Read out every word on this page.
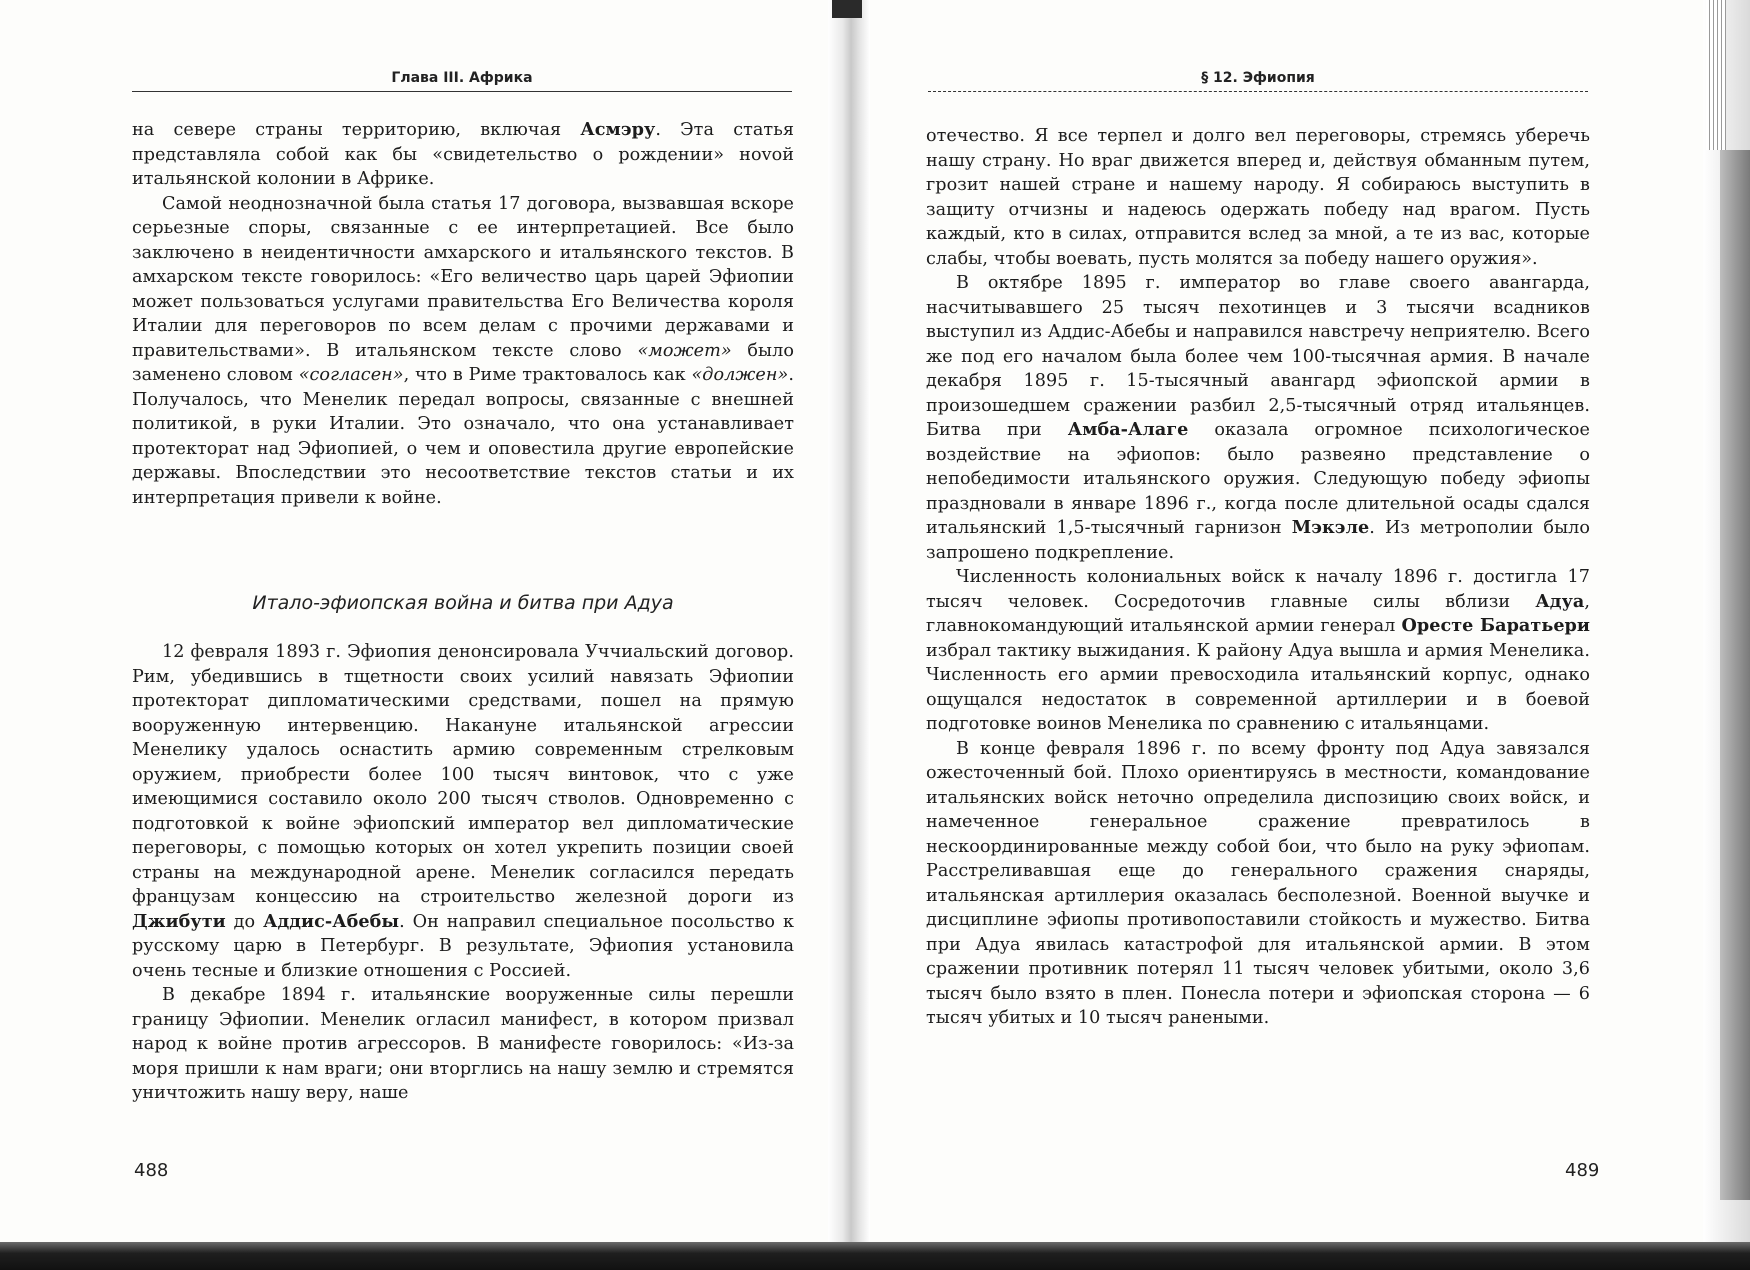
Глава III. Африка

на севере страны территорию, включая Асмэру. Эта статья представляла собой как бы «свидетельство о рождении» ноvой итальянской колонии в Африке.

Самой неоднозначной была статья 17 договора, вызвавшая вскоре серьезные споры, связанные с ее интерпретацией. Все было заключено в неидентичности амхарского и итальянского текстов. В амхарском тексте говорилось: «Его величество царь царей Эфиопии может пользоваться услугами правительства Его Величества короля Италии для переговоров по всем делам с прочими державами и правительствами». В итальянском тексте слово «может» было заменено словом «согласен», что в Риме трактовалось как «должен». Получалось, что Менелик передал вопросы, связанные с внешней политикой, в руки Италии. Это означало, что она устанавливает протекторат над Эфиопией, о чем и оповестила другие европейские державы. Впоследствии это несоответствие текстов статьи и их интерпретация привели к войне.

Итало-эфиопская война и битва при Адуа

12 февраля 1893 г. Эфиопия денонсировала Уччиальский договор. Рим, убедившись в тщетности своих усилий навязать Эфиопии протекторат дипломатическими средствами, пошел на прямую вооруженную интервенцию. Накануне итальянской агрессии Менелику удалось оснастить армию современным стрелковым оружием, приобрести более 100 тысяч винтовок, что с уже имеющимися составило около 200 тысяч стволов. Одновременно с подготовкой к войне эфиопский император вел дипломатические переговоры, с помощью которых он хотел укрепить позиции своей страны на международной арене. Менелик согласился передать французам концессию на строительство железной дороги из Джибути до Аддис-Абебы. Он направил специальное посольство к русскому царю в Петербург. В результате, Эфиопия установила очень тесные и близкие отношения с Россией.

В декабре 1894 г. итальянские вооруженные силы перешли границу Эфиопии. Менелик огласил манифест, в котором призвал народ к войне против агрессоров. В манифесте говорилось: «Из-за моря пришли к нам враги; они вторглись на нашу землю и стремятся уничтожить нашу веру, наше

488

§ 12. Эфиопия

отечество. Я все терпел и долго вел переговоры, стремясь уберечь нашу страну. Но враг движется вперед и, действуя обманным путем, грозит нашей стране и нашему народу. Я собираюсь выступить в защиту отчизны и надеюсь одержать победу над врагом. Пусть каждый, кто в силах, отправится вслед за мной, а те из вас, которые слабы, чтобы воевать, пусть молятся за победу нашего оружия».

В октябре 1895 г. император во главе своего авангарда, насчитывавшего 25 тысяч пехотинцев и 3 тысячи всадников выступил из Аддис-Абебы и направился навстречу неприятелю. Всего же под его началом была более чем 100-тысячная армия. В начале декабря 1895 г. 15-тысячный авангард эфиопской армии в произошедшем сражении разбил 2,5-тысячный отряд итальянцев. Битва при Амба-Алаге оказала огромное психологическое воздействие на эфиопов: было развеяно представление о непобедимости итальянского оружия. Следующую победу эфиопы праздновали в январе 1896 г., когда после длительной осады сдался итальянский 1,5-тысячный гарнизон Мэкэле. Из метрополии было запрошено подкрепление.

Численность колониальных войск к началу 1896 г. достигла 17 тысяч человек. Сосредоточив главные силы вблизи Адуа, главнокомандующий итальянской армии генерал Оресте Баратьери избрал тактику выжидания. К району Адуа вышла и армия Менелика. Численность его армии превосходила итальянский корпус, однако ощущался недостаток в современной артиллерии и в боевой подготовке воинов Менелика по сравнению с итальянцами.

В конце февраля 1896 г. по всему фронту под Адуа завязался ожесточенный бой. Плохо ориентируясь в местности, командование итальянских войск неточно определила диспозицию своих войск, и намеченное генеральное сражение превратилось в нескоординированные между собой бои, что было на руку эфиопам. Расстреливавшая еще до генерального сражения снаряды, итальянская артиллерия оказалась бесполезной. Военной выучке и дисциплине эфиопы противопоставили стойкость и мужество. Битва при Адуа явилась катастрофой для итальянской армии. В этом сражении противник потерял 11 тысяч человек убитыми, около 3,6 тысяч было взято в плен. Понесла потери и эфиопская сторона — 6 тысяч убитых и 10 тысяч ранеными.

489
